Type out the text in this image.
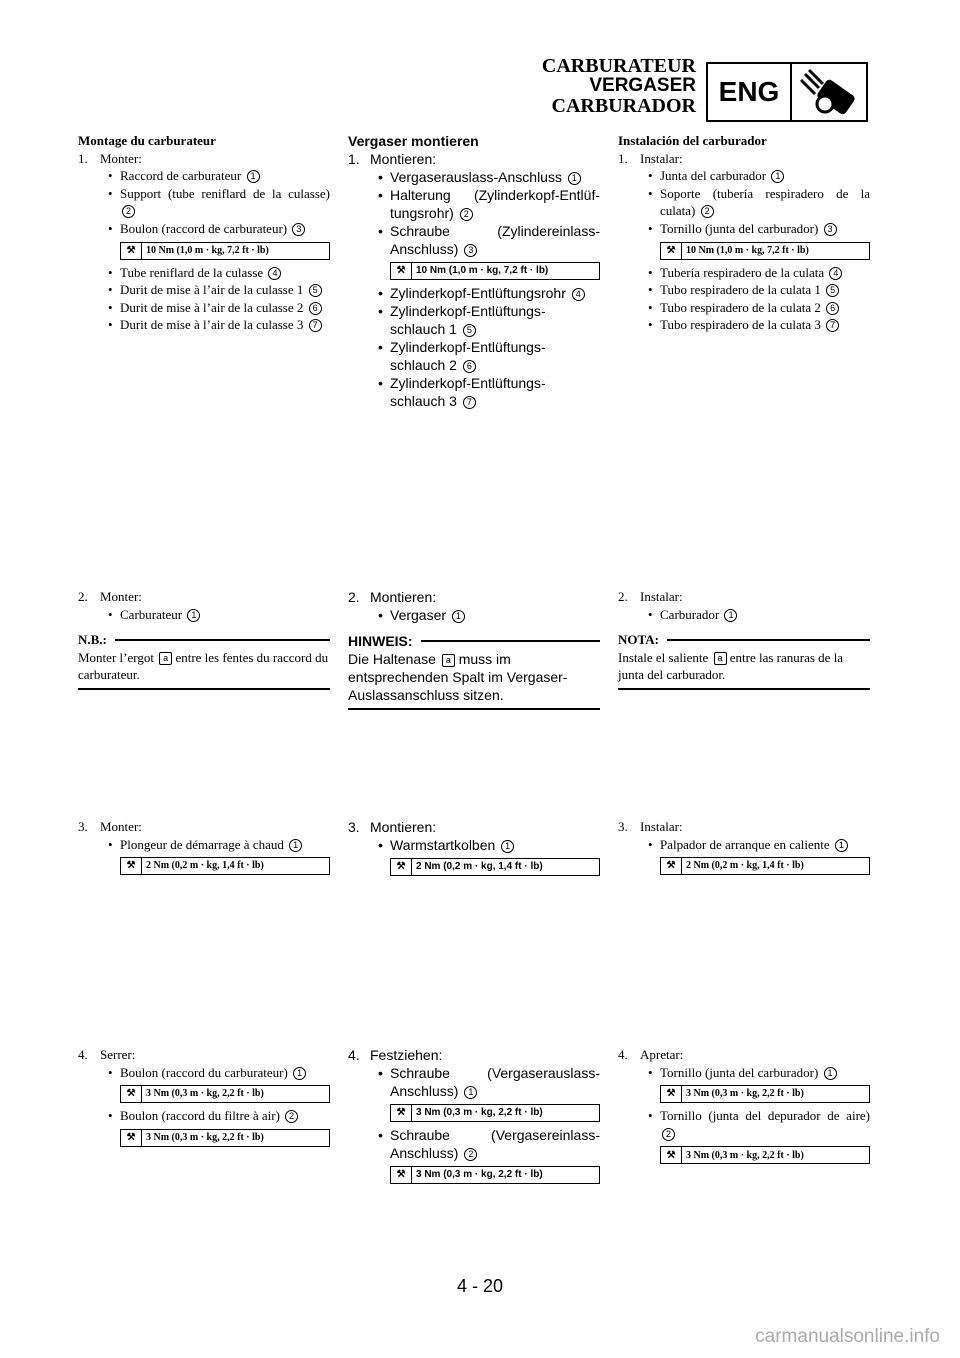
CARBURATEUR
VERGASER
CARBURADOR ENG
Montage du carburateur
1. Monter:
• Raccord de carburateur 1
• Support (tube reniflard de la culasse) 2
• Boulon (raccord de carburateur) 3
⚒	10 Nm (1,0 m · kg, 7,2 ft · lb)
• Tube reniflard de la culasse 4
• Durit de mise à l’air de la culasse 1 5
• Durit de mise à l’air de la culasse 2 6
• Durit de mise à l’air de la culasse 3 7
2. Monter:
• Carburateur 1
N.B.:
Monter l’ergot a entre les fentes du raccord du carburateur.
3. Monter:
• Plongeur de démarrage à chaud 1
⚒	2 Nm (0,2 m · kg, 1,4 ft · lb)
4. Serrer:
• Boulon (raccord du carburateur) 1
⚒	3 Nm (0,3 m · kg, 2,2 ft · lb)
• Boulon (raccord du filtre à air) 2
⚒	3 Nm (0,3 m · kg, 2,2 ft · lb)
Vergaser montieren
1. Montieren:
• Vergaserauslass-Anschluss 1
• Halterung (Zylinderkopf-Entlüf-tungsrohr) 2
• Schraube (Zylindereinlass-Anschluss) 3
⚒	10 Nm (1,0 m · kg, 7,2 ft · lb)
• Zylinderkopf-Entlüftungsrohr 4
• Zylinderkopf-Entlüftungs-schlauch 1 5
• Zylinderkopf-Entlüftungs-schlauch 2 6
• Zylinderkopf-Entlüftungs-schlauch 3 7
2. Montieren:
• Vergaser 1
HINWEIS:
Die Haltenase a muss im entsprechenden Spalt im Vergaser-Auslassanschluss sitzen.
3. Montieren:
• Warmstartkolben 1
⚒	2 Nm (0,2 m · kg, 1,4 ft · lb)
4. Festziehen:
• Schraube (Vergaserauslass-Anschluss) 1
⚒	3 Nm (0,3 m · kg, 2,2 ft · lb)
• Schraube (Vergasereinlass-Anschluss) 2
⚒	3 Nm (0,3 m · kg, 2,2 ft · lb)
Instalación del carburador
1. Instalar:
• Junta del carburador 1
• Soporte (tubería respiradero de la culata) 2
• Tornillo (junta del carburador) 3
⚒	10 Nm (1,0 m · kg, 7,2 ft · lb)
• Tubería respiradero de la culata 4
• Tubo respiradero de la culata 1 5
• Tubo respiradero de la culata 2 6
• Tubo respiradero de la culata 3 7
2. Instalar:
• Carburador 1
NOTA:
Instale el saliente a entre las ranuras de la junta del carburador.
3. Instalar:
• Palpador de arranque en caliente 1
⚒	2 Nm (0,2 m · kg, 1,4 ft · lb)
4. Apretar:
• Tornillo (junta del carburador) 1
⚒	3 Nm (0,3 m · kg, 2,2 ft · lb)
• Tornillo (junta del depurador de aire) 2
⚒	3 Nm (0,3 m · kg, 2,2 ft · lb)
4 - 20
carmanualsonline.info
